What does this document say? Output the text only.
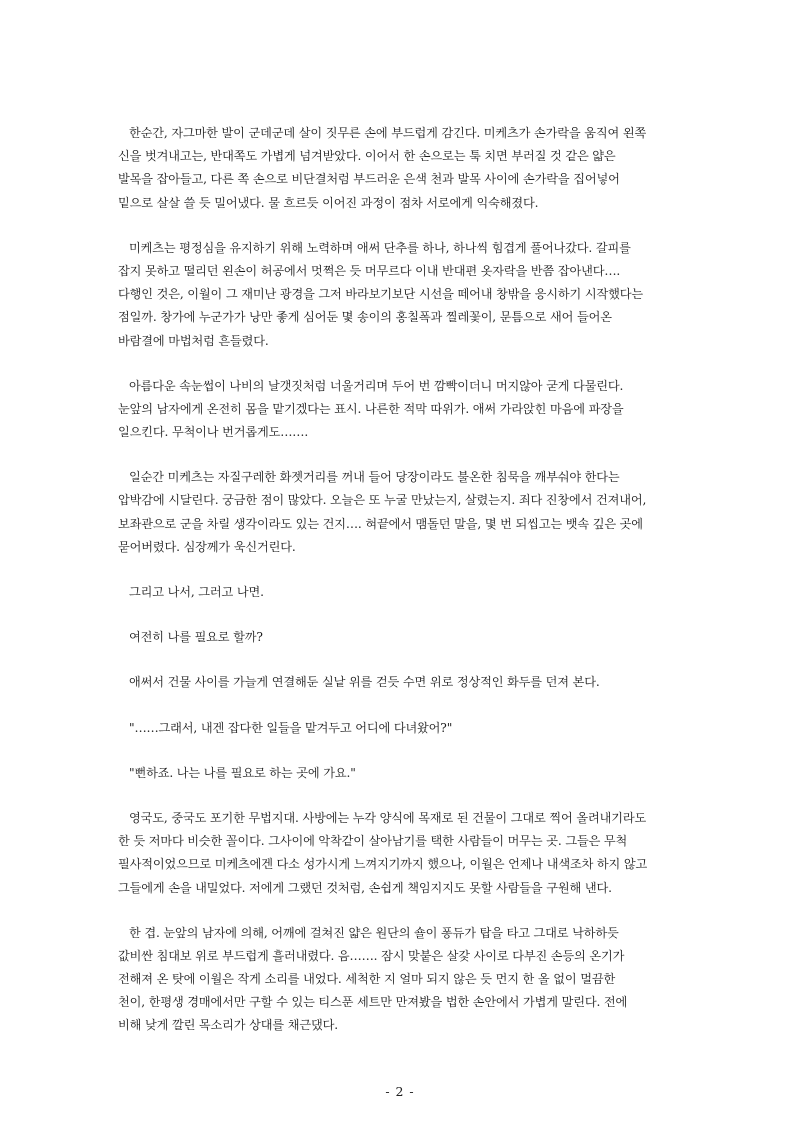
한순간, 자그마한 발이 군데군데 살이 짓무른 손에 부드럽게 감긴다. 미케츠가 손가락을 움직여 왼쪽
신을 벗겨내고는, 반대쪽도 가볍게 넘겨받았다. 이어서 한 손으로는 툭 치면 부러질 것 같은 얇은
발목을 잡아들고, 다른 쪽 손으로 비단결처럼 부드러운 은색 천과 발목 사이에 손가락을 집어넣어
밑으로 살살 쓸 듯 밀어냈다. 물 흐르듯 이어진 과정이 점차 서로에게 익숙해졌다.
미케츠는 평정심을 유지하기 위해 노력하며 애써 단추를 하나, 하나씩 힘겹게 풀어나갔다. 갈피를
잡지 못하고 떨리던 왼손이 허공에서 멋쩍은 듯 머무르다 이내 반대편 옷자락을 반쯤 잡아낸다….
다행인 것은, 이월이 그 재미난 광경을 그저 바라보기보단 시선을 떼어내 창밖을 응시하기 시작했다는
점일까. 창가에 누군가가 낭만 좋게 심어둔 몇 송이의 홍칠폭과 찔레꽃이, 문틈으로 새어 들어온
바람결에 마법처럼 흔들렸다.
아름다운 속눈썹이 나비의 날갯짓처럼 너울거리며 두어 번 깜빡이더니 머지않아 굳게 다물린다.
눈앞의 남자에게 온전히 몸을 맡기겠다는 표시. 나른한 적막 따위가. 애써 가라앉힌 마음에 파장을
일으킨다. 무척이나 번거롭게도…….
일순간 미케츠는 자질구레한 화젯거리를 꺼내 들어 당장이라도 불온한 침묵을 깨부숴야 한다는
압박감에 시달린다. 궁금한 점이 많았다. 오늘은 또 누굴 만났는지, 살렸는지. 죄다 진창에서 건져내어,
보좌관으로 군을 차릴 생각이라도 있는 건지…. 혀끝에서 맴돌던 말을, 몇 번 되씹고는 뱃속 깊은 곳에
묻어버렸다. 심장께가 욱신거린다.
그리고 나서, 그러고 나면.
여전히 나를 필요로 할까?
애써서 건물 사이를 가늘게 연결해둔 실낱 위를 걷듯 수면 위로 정상적인 화두를 던져 본다.
"……그래서, 내겐 잡다한 일들을 맡겨두고 어디에 다녀왔어?"
"뻔하죠. 나는 나를 필요로 하는 곳에 가요."
영국도, 중국도 포기한 무법지대. 사방에는 누각 양식에 목재로 된 건물이 그대로 찍어 올려내기라도
한 듯 저마다 비슷한 꼴이다. 그사이에 악착같이 살아남기를 택한 사람들이 머무는 곳. 그들은 무척
필사적이었으므로 미케츠에겐 다소 성가시게 느껴지기까지 했으나, 이월은 언제나 내색조차 하지 않고
그들에게 손을 내밀었다. 저에게 그랬던 것처럼, 손쉽게 책임지지도 못할 사람들을 구원해 낸다.
한 겹. 눈앞의 남자에 의해, 어깨에 걸쳐진 얇은 원단의 숄이 퐁듀가 탑을 타고 그대로 낙하하듯
값비싼 침대보 위로 부드럽게 흘러내렸다. 음……. 잠시 맞붙은 살갗 사이로 다부진 손등의 온기가
전해져 온 탓에 이월은 작게 소리를 내었다. 세척한 지 얼마 되지 않은 듯 먼지 한 올 없이 멀끔한
천이, 한평생 경매에서만 구할 수 있는 티스푼 세트만 만져봤을 법한 손안에서 가볍게 말린다. 전에
비해 낮게 깔린 목소리가 상대를 채근댔다.
- 2 -
